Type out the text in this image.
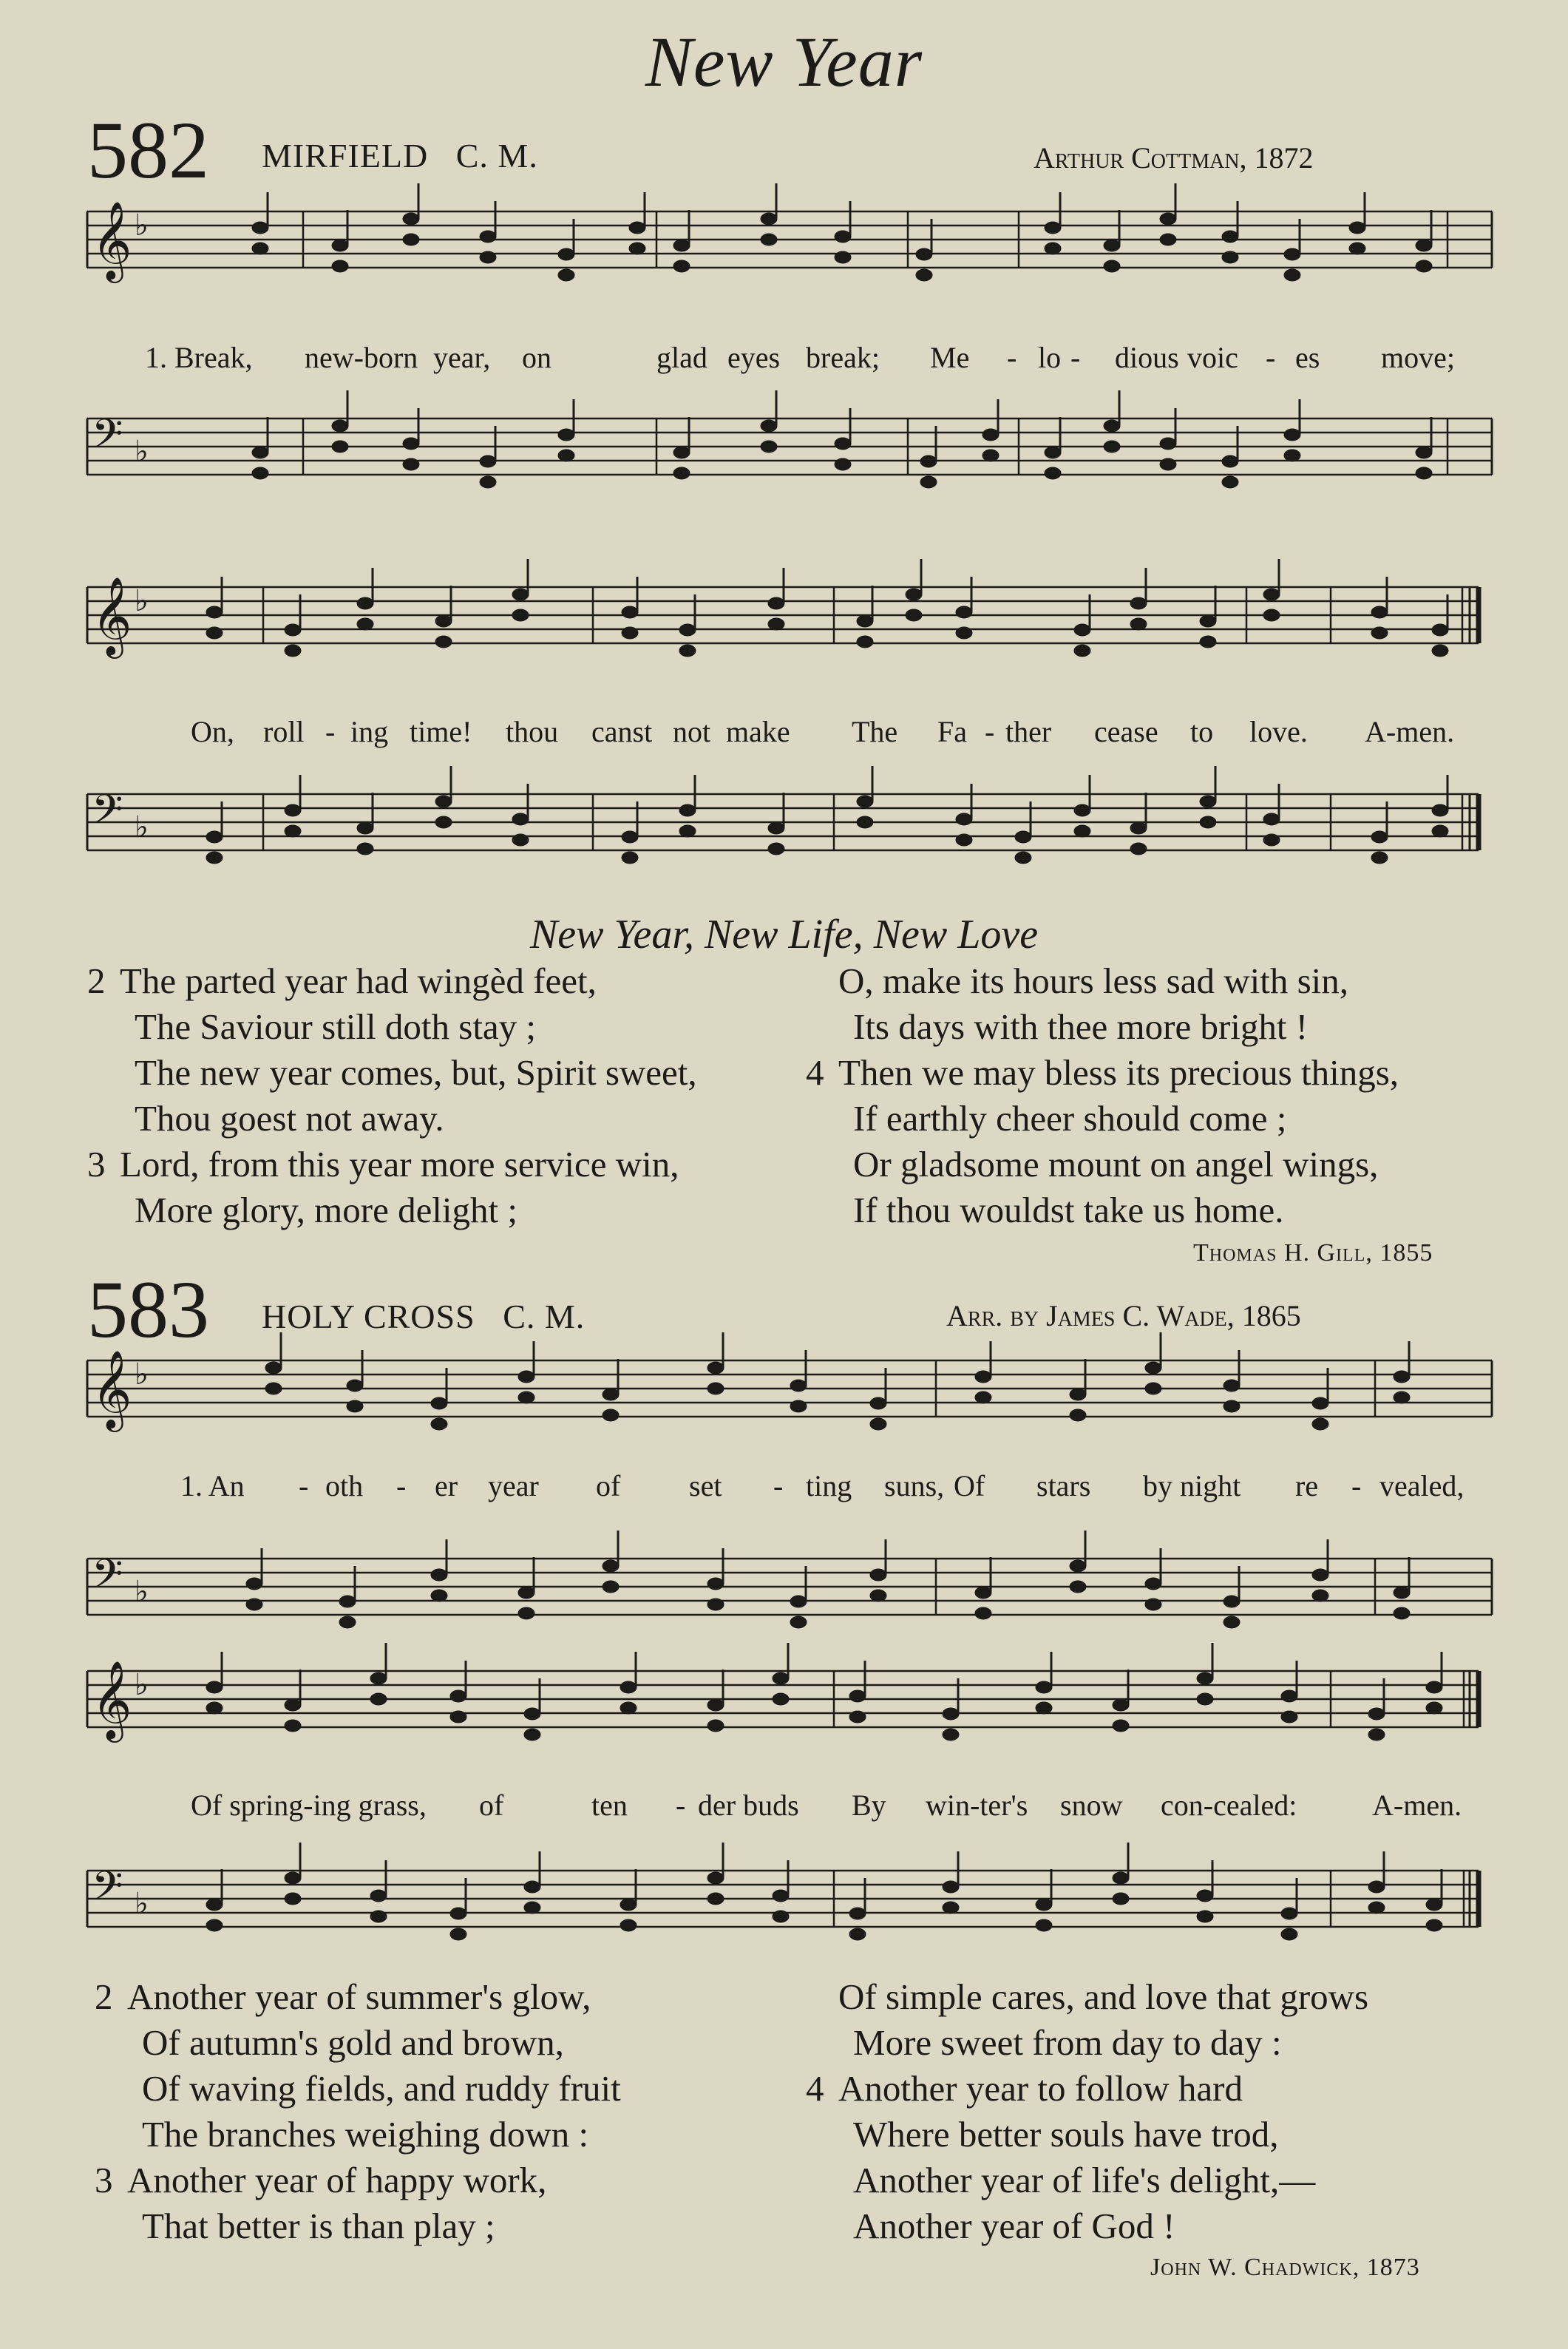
𝄞 ♭
𝄢 ♭
𝄞 ♭
𝄢 ♭
𝄞 ♭
𝄢 ♭
𝄞 ♭
𝄢 ♭
New Year
582 MIRFIELD C. M.	Arthur Cottman, 1872
1. Break, new-born year, on	glad eyes break; Me - lo - dious voic - es move;
On, roll - ing time! thou canst not make The Fa - ther cease to love. A-men.
New Year, New Life, New Love
2 The parted year had wingèd feet,
The Saviour still doth stay ;
The new year comes, but, Spirit sweet,
Thou goest not away.
3 Lord, from this year more service win,
More glory, more delight ;
O, make its hours less sad with sin,
Its days with thee more bright !
4 Then we may bless its precious things,
If earthly cheer should come ;
Or gladsome mount on angel wings,
If thou wouldst take us home.
Thomas H. Gill, 1855
583 HOLY CROSS C. M.	Arr. by James C. Wade, 1865
1. An - oth - er year of set - ting suns, Of stars by night re - vealed,
Of spring-ing grass, of	ten - der buds By win-ter's snow con-cealed:	A-men.
2 Another year of summer's glow,
Of autumn's gold and brown,
Of waving fields, and ruddy fruit
The branches weighing down :
3 Another year of happy work,
That better is than play ;
Of simple cares, and love that grows
More sweet from day to day :
4 Another year to follow hard
Where better souls have trod,
Another year of life's delight,—
Another year of God !
John W. Chadwick, 1873
